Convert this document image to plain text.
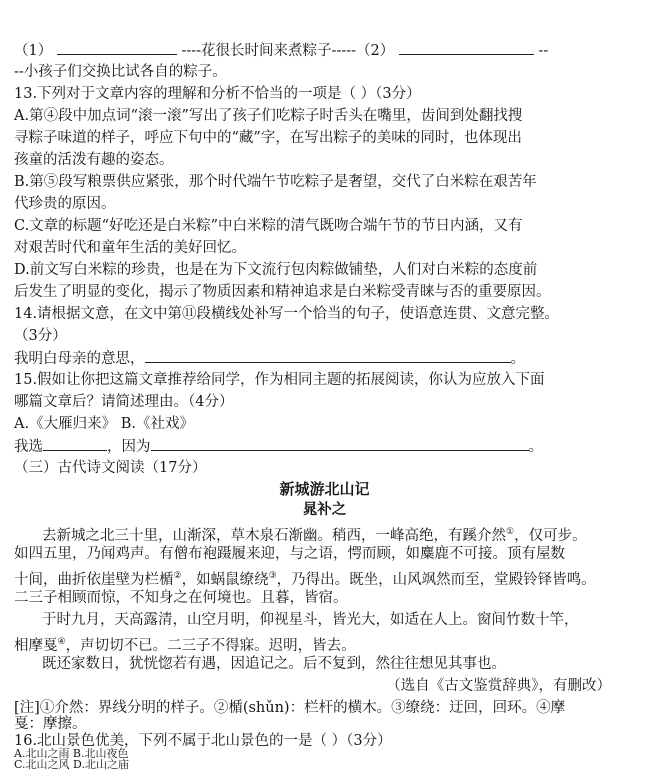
（1）	----花很长时间来煮粽子-----（2）	--
--小孩子们交换比试各自的粽子。
13.下列对于文章内容的理解和分析不恰当的一项是（ ）（3分）
A.第④段中加点词“滚一滚”写出了孩子们吃粽子时舌头在嘴里，齿间到处翻找搜
寻粽子味道的样子，呼应下句中的“藏”字，在写出粽子的美味的同时，也体现出
孩童的活泼有趣的姿态。
B.第⑤段写粮票供应紧张，那个时代端午节吃粽子是奢望，交代了白米粽在艰苦年
代珍贵的原因。
C.文章的标题“好吃还是白米粽”中白米粽的清气既吻合端午节的节日内涵，又有
对艰苦时代和童年生活的美好回忆。
D.前文写白米粽的珍贵，也是在为下文流行包肉粽做铺垫，人们对白米粽的态度前
后发生了明显的变化，揭示了物质因素和精神追求是白米粽受青睐与否的重要原因。
14.请根据文意，在文中第⑪段横线处补写一个恰当的句子，使语意连贯、文意完整。
（3分）
我明白母亲的意思，	。
15.假如让你把这篇文章推荐给同学，作为相同主题的拓展阅读，你认为应放入下面
哪篇文章后？请简述理由。（4分）
A.《大雁归来》 B.《社戏》
我选	，因为	。
（三）古代诗文阅读（17分）
新城游北山记
晁补之
去新城之北三十里，山渐深，草木泉石渐幽。稍西，一峰高绝，有蹊介然①，仅可步。
如四五里，乃闻鸡声。有僧布袍蹑履来迎，与之语，愕而顾，如麋鹿不可接。顶有屋数
十间，曲折依崖壁为栏楯②，如蜗鼠缭绕③，乃得出。既坐，山风飒然而至，堂殿铃铎皆鸣。
二三子相顾而惊，不知身之在何境也。且暮，皆宿。
于时九月，天高露清，山空月明，仰视星斗，皆光大，如适在人上。窗间竹数十竿，
相摩戛④，声切切不已。二三子不得寐。迟明，皆去。
既还家数日，犹恍惚若有遇，因追记之。后不复到，然往往想见其事也。
（选自《古文鉴赏辞典》，有删改）
[注]①介然：界线分明的样子。②楯(shǔn)：栏杆的横木。③缭绕：迂回，回环。④摩
戛：摩擦。
16.北山景色优美，下列不属于北山景色的一是（ ）（3分）
A.北山之雨 B.北山夜色
C.北山之风 D.北山之庙
